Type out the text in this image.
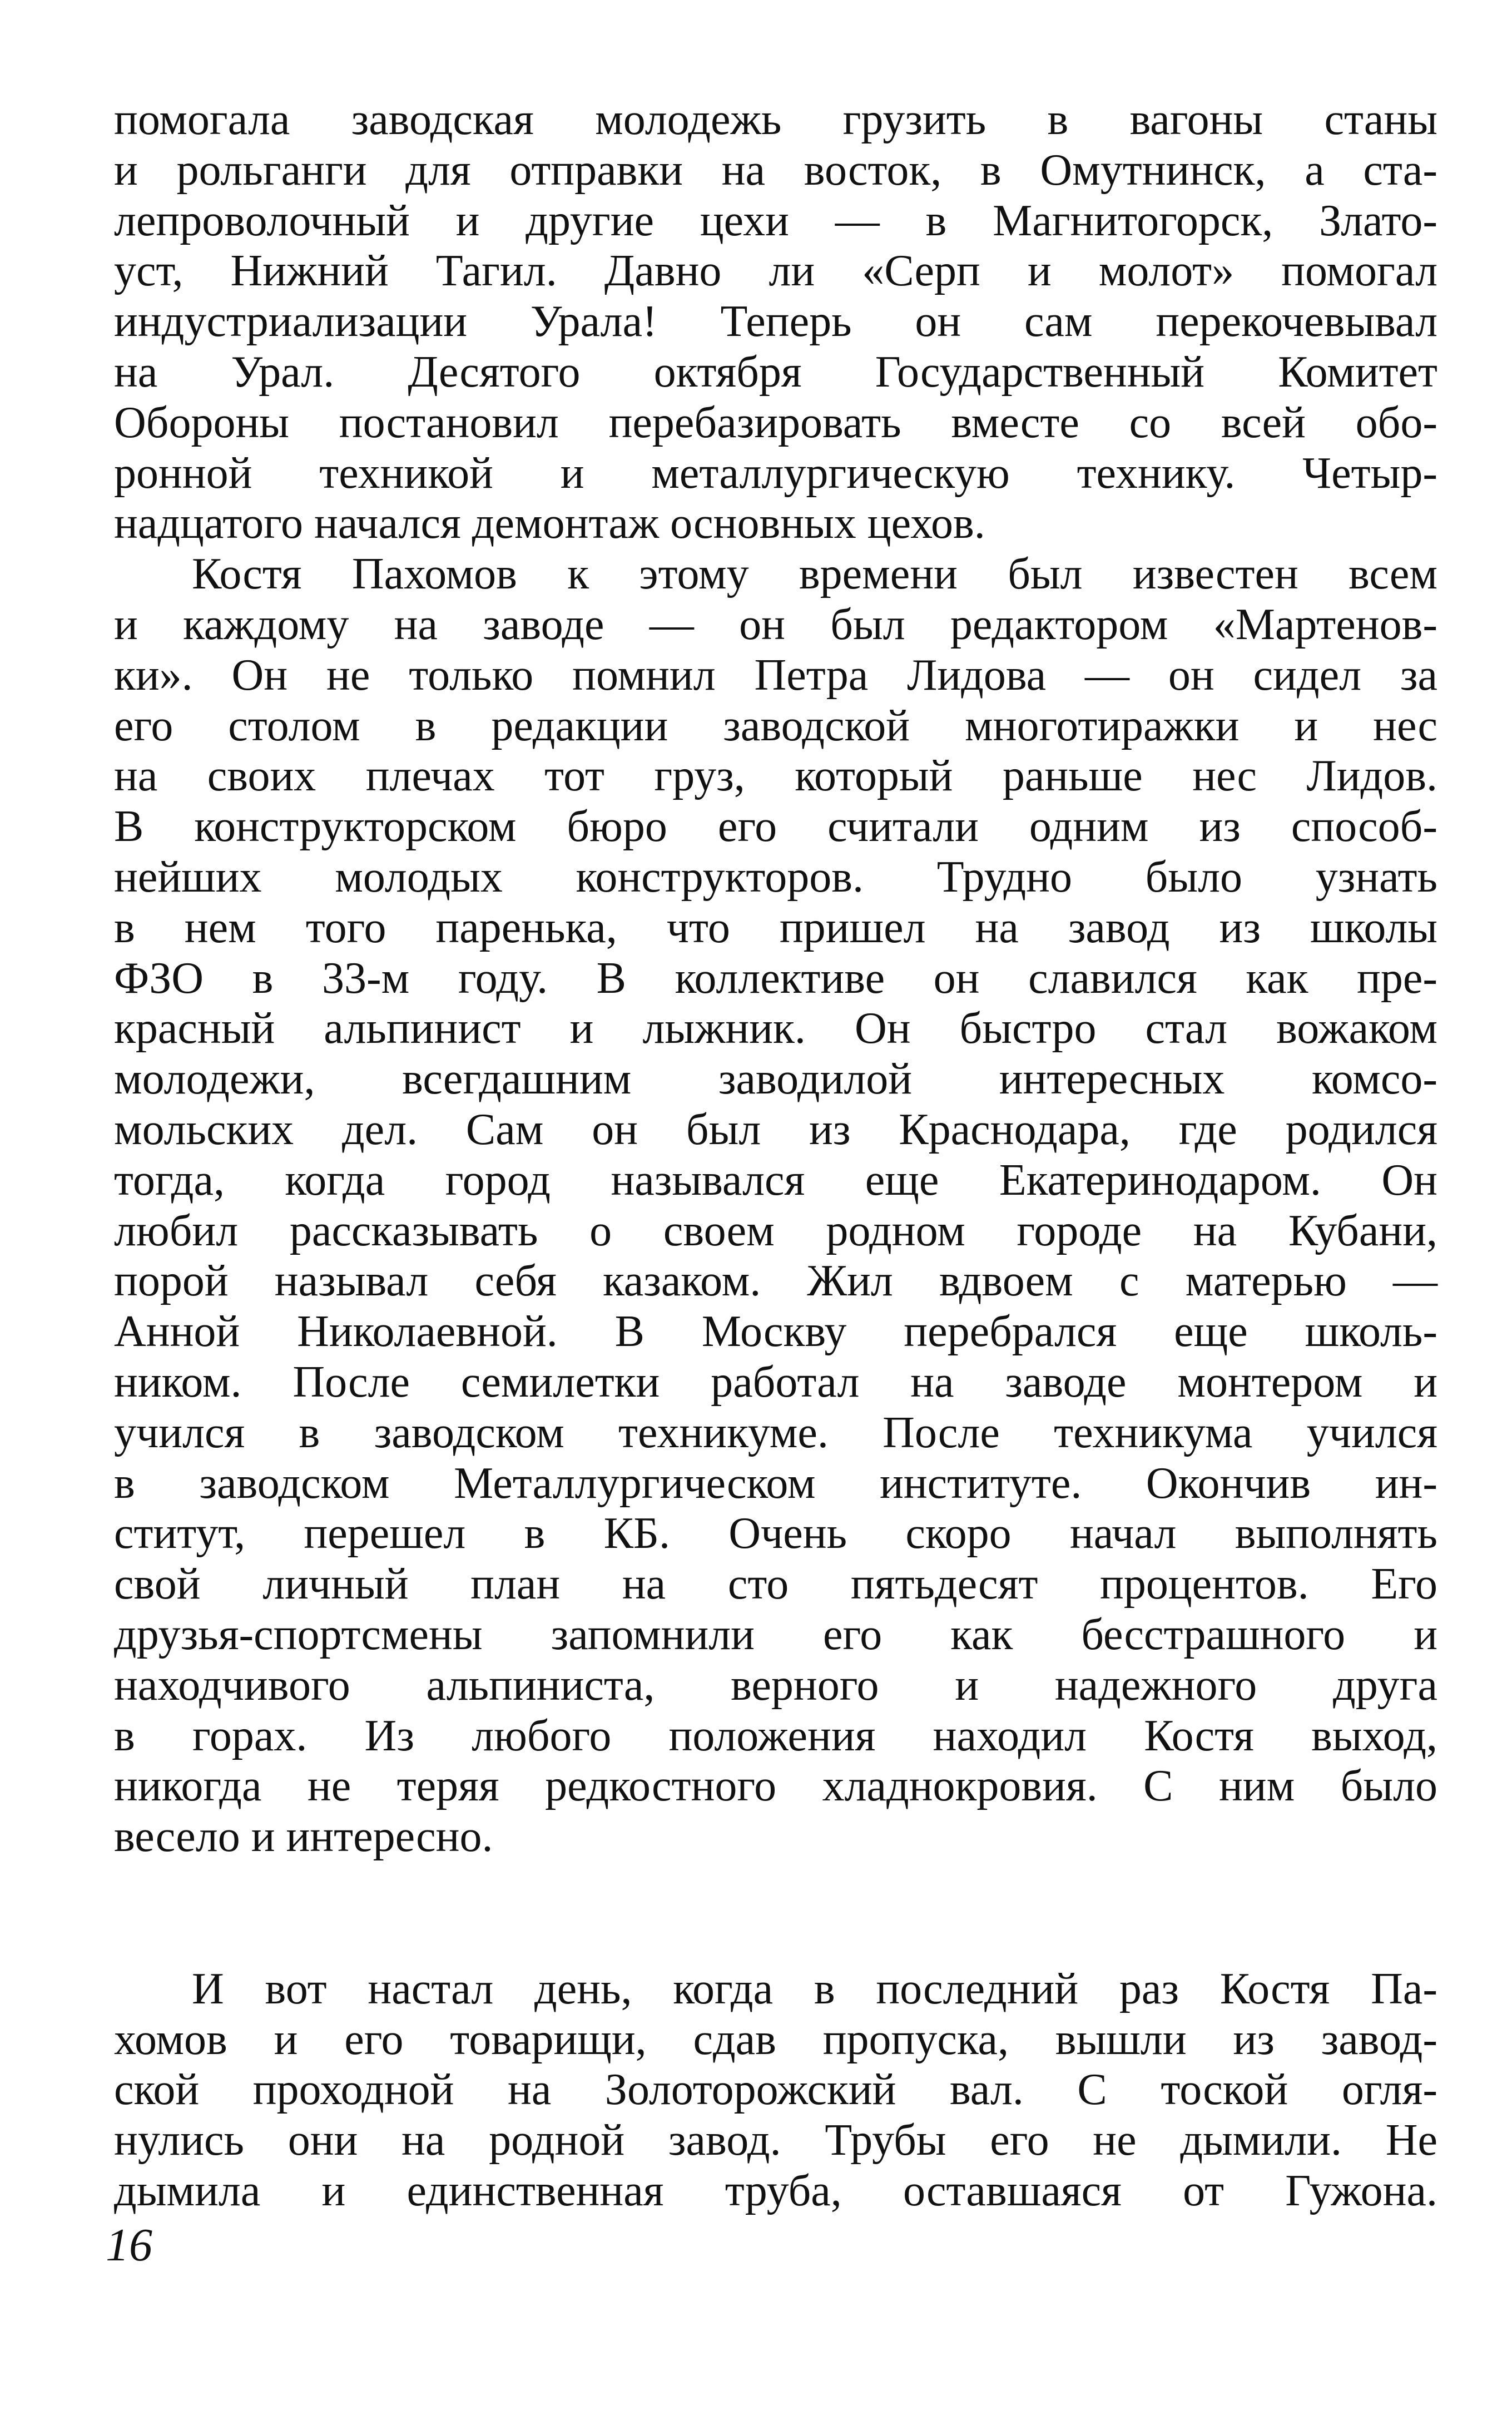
помогала заводская молодежь грузить в вагоны станы
и рольганги для отправки на восток, в Омутнинск, а ста-
лепроволочный и другие цехи — в Магнитогорск, Злато-
уст, Нижний Тагил. Давно ли «Серп и молот» помогал
индустриализации Урала! Теперь он сам перекочевывал
на Урал. Десятого октября Государственный Комитет
Обороны постановил перебазировать вместе со всей обо-
ронной техникой и металлургическую технику. Четыр-
надцатого начался демонтаж основных цехов.
Костя Пахомов к этому времени был известен всем
и каждому на заводе — он был редактором «Мартенов-
ки». Он не только помнил Петра Лидова — он сидел за
его столом в редакции заводской многотиражки и нес
на своих плечах тот груз, который раньше нес Лидов.
В конструкторском бюро его считали одним из способ-
нейших молодых конструкторов. Трудно было узнать
в нем того паренька, что пришел на завод из школы
ФЗО в 33-м году. В коллективе он славился как пре-
красный альпинист и лыжник. Он быстро стал вожаком
молодежи, всегдашним заводилой интересных комсо-
мольских дел. Сам он был из Краснодара, где родился
тогда, когда город назывался еще Екатеринодаром. Он
любил рассказывать о своем родном городе на Кубани,
порой называл себя казаком. Жил вдвоем с матерью —
Анной Николаевной. В Москву перебрался еще школь-
ником. После семилетки работал на заводе монтером и
учился в заводском техникуме. После техникума учился
в заводском Металлургическом институте. Окончив ин-
ститут, перешел в КБ. Очень скоро начал выполнять
свой личный план на сто пятьдесят процентов. Его
друзья-спортсмены запомнили его как бесстрашного и
находчивого альпиниста, верного и надежного друга
в горах. Из любого положения находил Костя выход,
никогда не теряя редкостного хладнокровия. С ним было
весело и интересно.
И вот настал день, когда в последний раз Костя Па-
хомов и его товарищи, сдав пропуска, вышли из завод-
ской проходной на Золоторожский вал. С тоской огля-
нулись они на родной завод. Трубы его не дымили. Не
дымила и единственная труба, оставшаяся от Гужона.
16
